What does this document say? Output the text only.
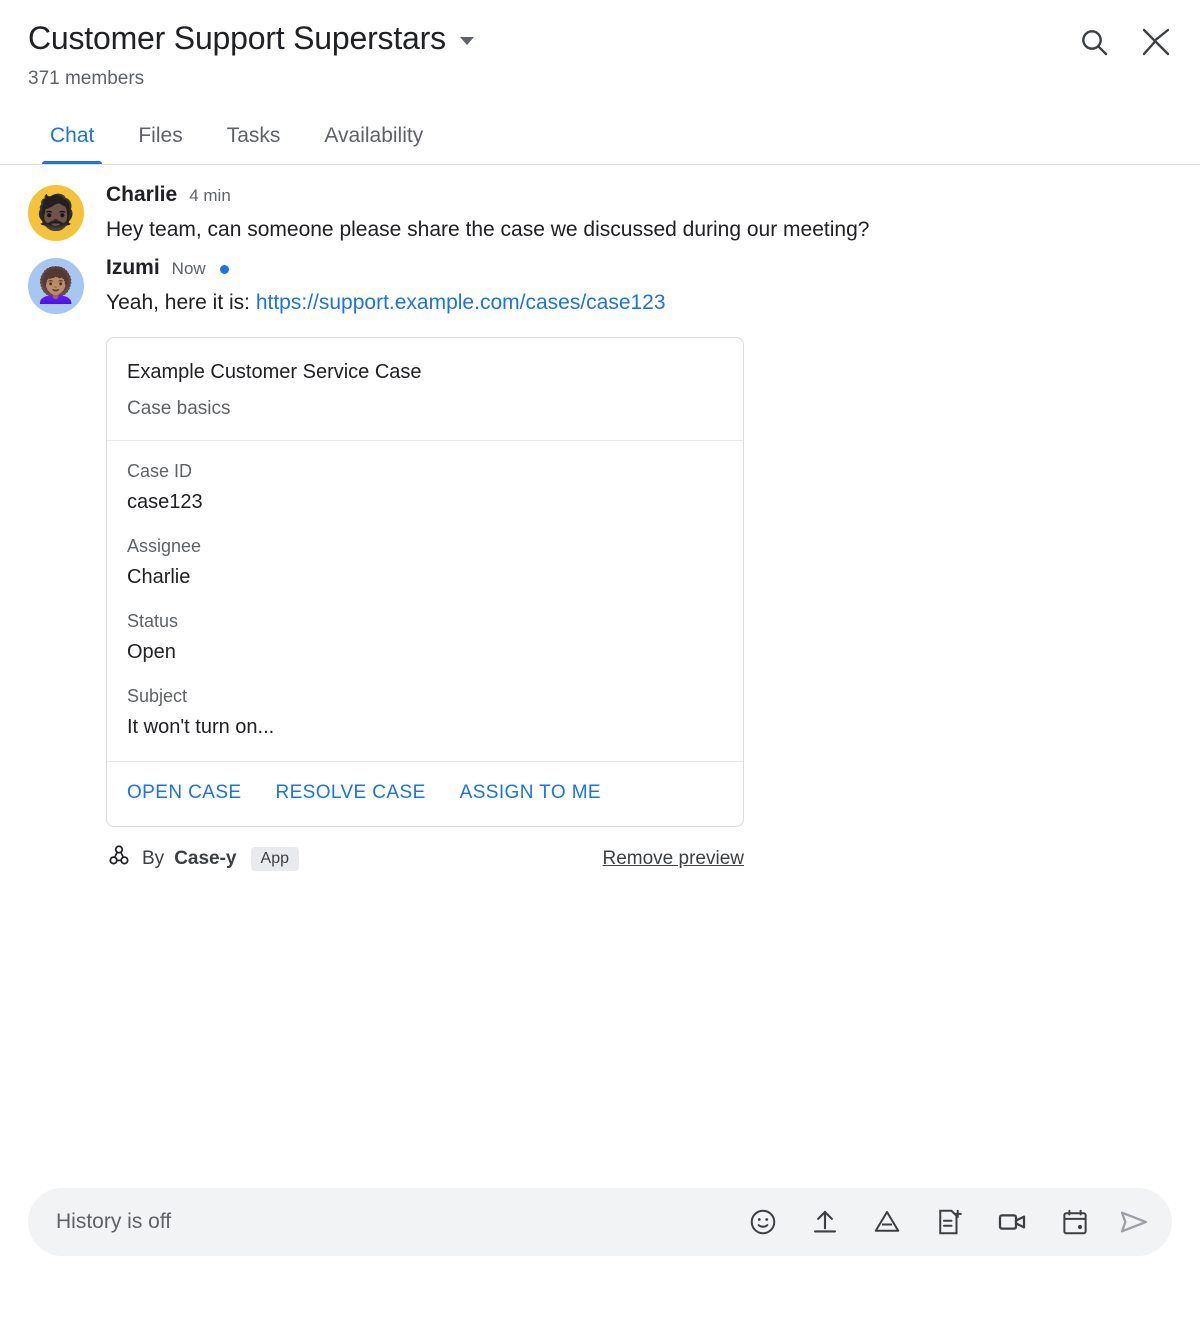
Customer Support Superstars
371 members
Chat	Files	Tasks	Availability
🧔🏿	Charlie 4 min
Hey team, can someone please share the case we discussed during our meeting?
👩🏽‍🦱	Izumi Now
Yeah, here it is: https://support.example.com/cases/case123
Example Customer Service Case
Case basics
Case ID
case123
Assignee
Charlie
Status
Open
Subject
It won't turn on...
OPEN CASE RESOLVE CASE ASSIGN TO ME
By Case-y	App	Remove preview
History is off
